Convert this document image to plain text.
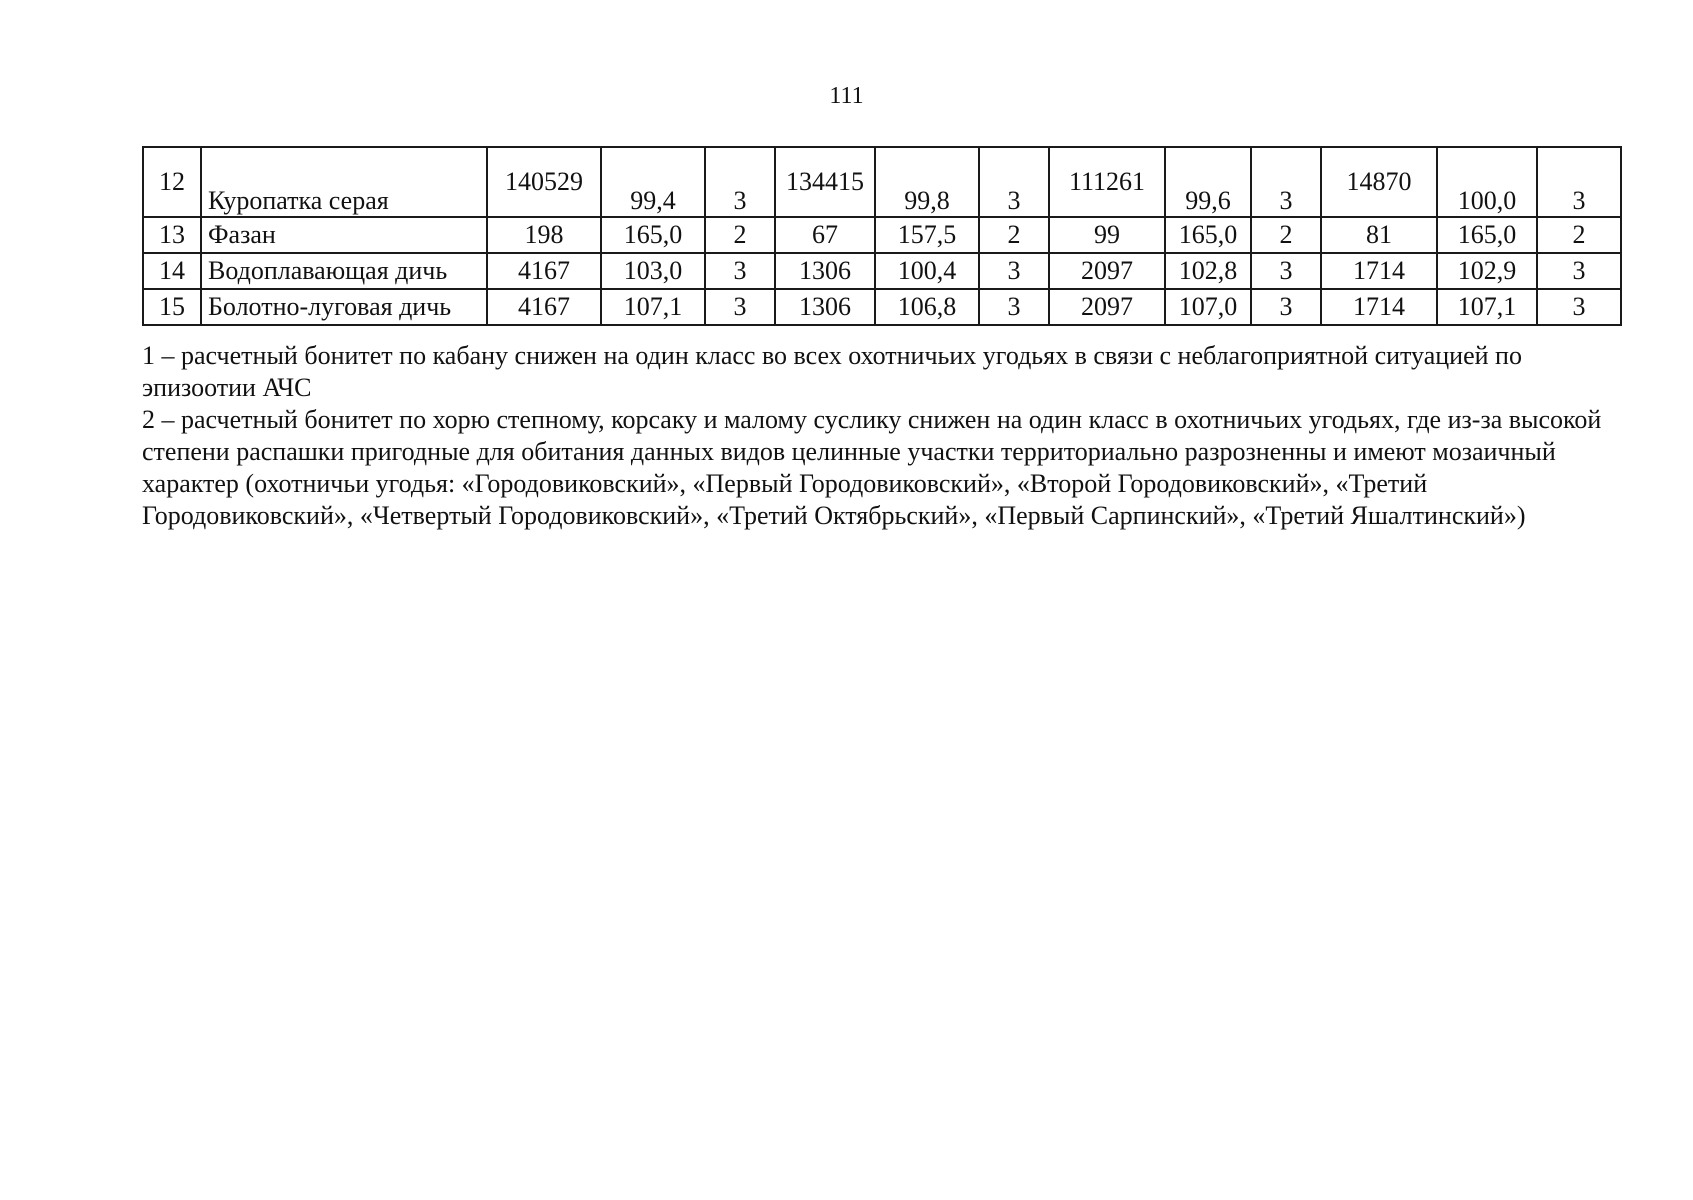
111
12	Куропатка серая	140529	99,4	3	134415	99,8	3	111261	99,6	3	14870	100,0	3
13	Фазан	198	165,0	2	67	157,5	2	99	165,0	2	81	165,0	2
14	Водоплавающая дичь	4167	103,0	3	1306	100,4	3	2097	102,8	3	1714	102,9	3
15	Болотно-луговая дичь	4167	107,1	3	1306	106,8	3	2097	107,0	3	1714	107,1	3

1 – расчетный бонитет по кабану снижен на один класс во всех охотничьих угодьях в связи с неблагоприятной ситуацией по эпизоотии АЧС

2 – расчетный бонитет по хорю степному, корсаку и малому суслику снижен на один класс в охотничьих угодьях, где из-за высокой степени распашки пригодные для обитания данных видов целинные участки территориально разрозненны и имеют мозаичный характер (охотничьи угодья: «Городовиковский», «Первый Городовиковский», «Второй Городовиковский», «Третий Городовиковский», «Четвертый Городовиковский», «Третий Октябрьский», «Первый Сарпинский», «Третий Яшалтинский»)
